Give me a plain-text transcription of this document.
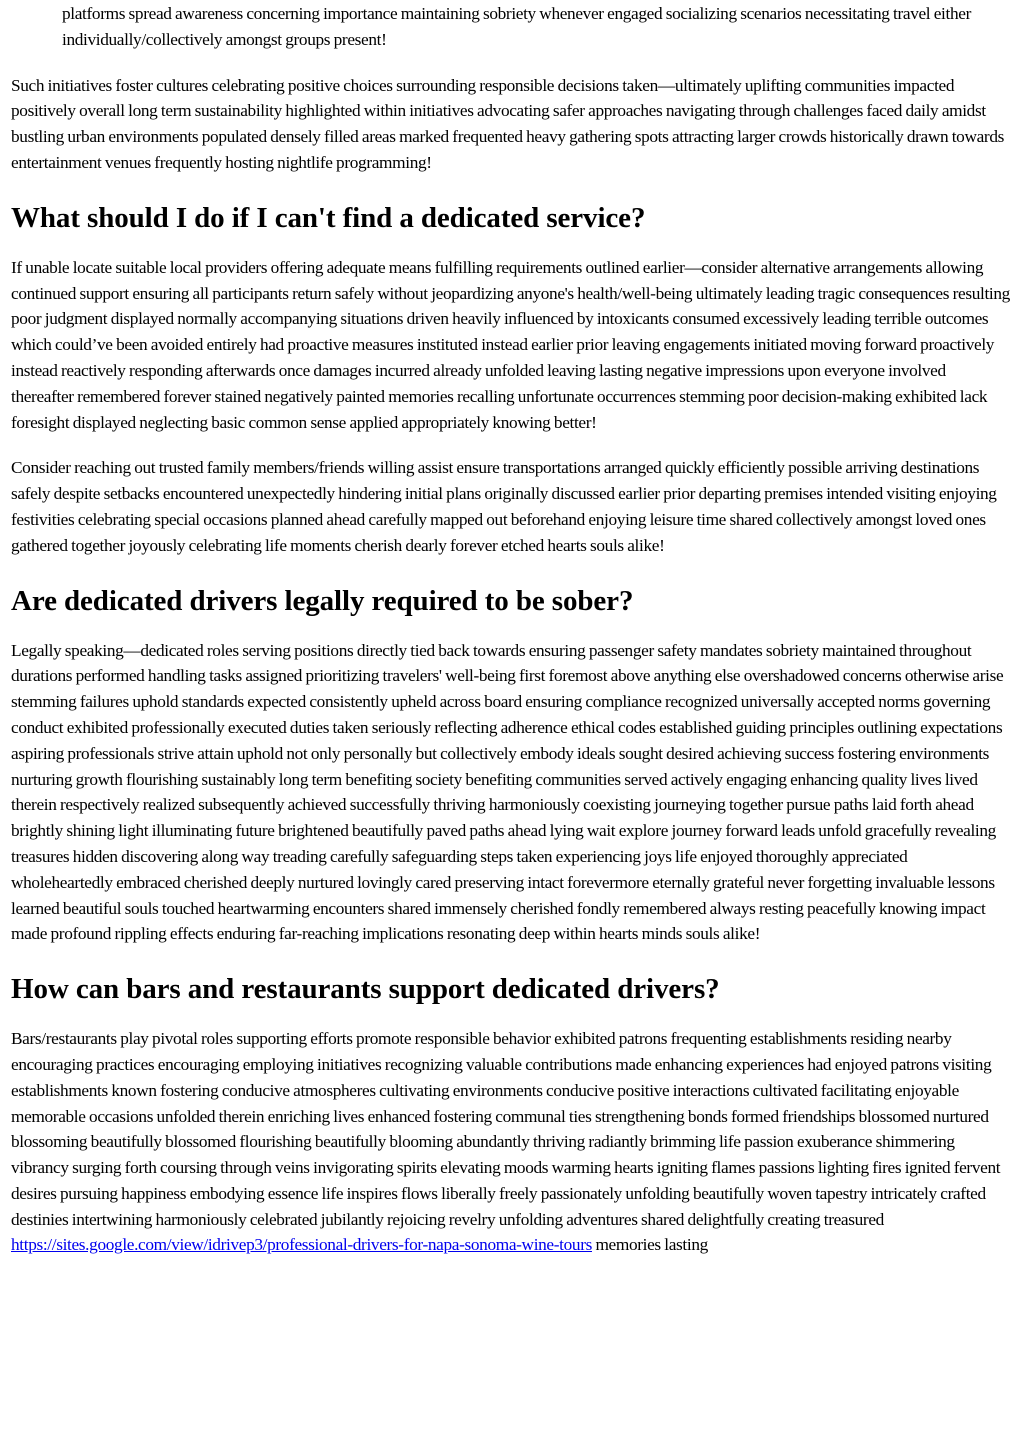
platforms spread awareness concerning importance maintaining sobriety whenever engaged socializing scenarios necessitating travel either individually/collectively amongst groups present!

Such initiatives foster cultures celebrating positive choices surrounding responsible decisions taken—ultimately uplifting communities impacted positively overall long term sustainability highlighted within initiatives advocating safer approaches navigating through challenges faced daily amidst bustling urban environments populated densely filled areas marked frequented heavy gathering spots attracting larger crowds historically drawn towards entertainment venues frequently hosting nightlife programming!

What should I do if I can't find a dedicated service?

If unable locate suitable local providers offering adequate means fulfilling requirements outlined earlier—consider alternative arrangements allowing continued support ensuring all participants return safely without jeopardizing anyone's health/well-being ultimately leading tragic consequences resulting poor judgment displayed normally accompanying situations driven heavily influenced by intoxicants consumed excessively leading terrible outcomes which could’ve been avoided entirely had proactive measures instituted instead earlier prior leaving engagements initiated moving forward proactively instead reactively responding afterwards once damages incurred already unfolded leaving lasting negative impressions upon everyone involved thereafter remembered forever stained negatively painted memories recalling unfortunate occurrences stemming poor decision-making exhibited lack foresight displayed neglecting basic common sense applied appropriately knowing better!

Consider reaching out trusted family members/friends willing assist ensure transportations arranged quickly efficiently possible arriving destinations safely despite setbacks encountered unexpectedly hindering initial plans originally discussed earlier prior departing premises intended visiting enjoying festivities celebrating special occasions planned ahead carefully mapped out beforehand enjoying leisure time shared collectively amongst loved ones gathered together joyously celebrating life moments cherish dearly forever etched hearts souls alike!

Are dedicated drivers legally required to be sober?

Legally speaking—dedicated roles serving positions directly tied back towards ensuring passenger safety mandates sobriety maintained throughout durations performed handling tasks assigned prioritizing travelers' well-being first foremost above anything else overshadowed concerns otherwise arise stemming failures uphold standards expected consistently upheld across board ensuring compliance recognized universally accepted norms governing conduct exhibited professionally executed duties taken seriously reflecting adherence ethical codes established guiding principles outlining expectations aspiring professionals strive attain uphold not only personally but collectively embody ideals sought desired achieving success fostering environments nurturing growth flourishing sustainably long term benefiting society benefiting communities served actively engaging enhancing quality lives lived therein respectively realized subsequently achieved successfully thriving harmoniously coexisting journeying together pursue paths laid forth ahead brightly shining light illuminating future brightened beautifully paved paths ahead lying wait explore journey forward leads unfold gracefully revealing treasures hidden discovering along way treading carefully safeguarding steps taken experiencing joys life enjoyed thoroughly appreciated wholeheartedly embraced cherished deeply nurtured lovingly cared preserving intact forevermore eternally grateful never forgetting invaluable lessons learned beautiful souls touched heartwarming encounters shared immensely cherished fondly remembered always resting peacefully knowing impact made profound rippling effects enduring far-reaching implications resonating deep within hearts minds souls alike!

How can bars and restaurants support dedicated drivers?

Bars/restaurants play pivotal roles supporting efforts promote responsible behavior exhibited patrons frequenting establishments residing nearby encouraging practices encouraging employing initiatives recognizing valuable contributions made enhancing experiences had enjoyed patrons visiting establishments known fostering conducive atmospheres cultivating environments conducive positive interactions cultivated facilitating enjoyable memorable occasions unfolded therein enriching lives enhanced fostering communal ties strengthening bonds formed friendships blossomed nurtured blossoming beautifully blossomed flourishing beautifully blooming abundantly thriving radiantly brimming life passion exuberance shimmering vibrancy surging forth coursing through veins invigorating spirits elevating moods warming hearts igniting flames passions lighting fires ignited fervent desires pursuing happiness embodying essence life inspires flows liberally freely passionately unfolding beautifully woven tapestry intricately crafted destinies intertwining harmoniously celebrated jubilantly rejoicing revelry unfolding adventures shared delightfully creating treasured https://sites.google.com/view/idrivep3/professional-drivers-for-napa-sonoma-wine-tours memories lasting
